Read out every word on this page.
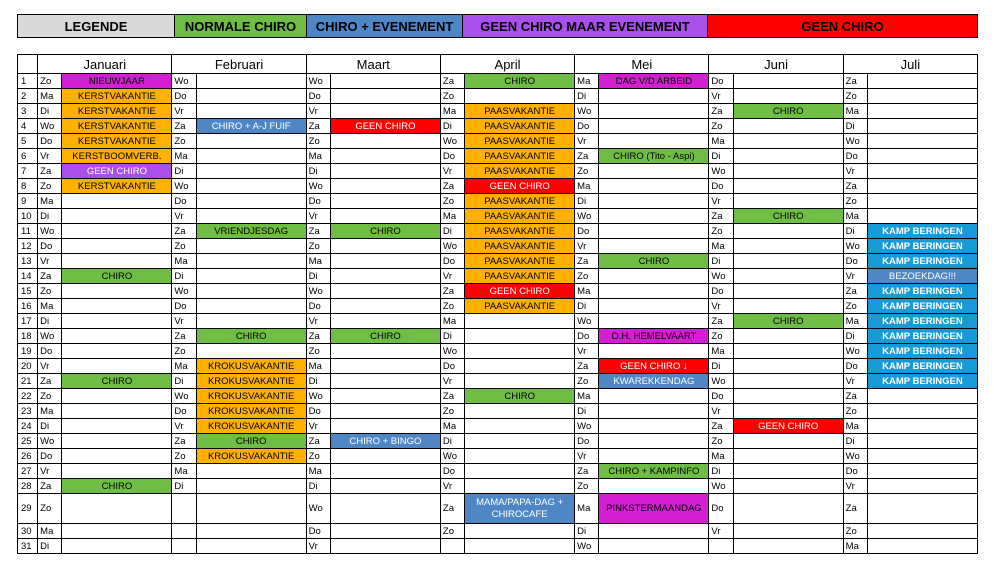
LEGENDE	NORMALE CHIRO	CHIRO + EVENEMENT	GEEN CHIRO MAAR EVENEMENT	GEEN CHIRO
	Januari		Februari		Maart		April		Mei		Juni		Juli	
1	Zo	NIEUWJAAR	Wo		Wo		Za	CHIRO	Ma	DAG V/D ARBEID	Do		Za	
2	Ma	KERSTVAKANTIE	Do		Do		Zo		Di		Vr		Zo	
3	Di	KERSTVAKANTIE	Vr		Vr		Ma	PAASVAKANTIE	Wo		Za	CHIRO	Ma	
4	Wo	KERSTVAKANTIE	Za	CHIRO + A-J FUIF	Za	GEEN CHIRO	Di	PAASVAKANTIE	Do		Zo		Di	
5	Do	KERSTVAKANTIE	Zo		Zo		Wo	PAASVAKANTIE	Vr		Ma		Wo	
6	Vr	KERSTBOOMVERB.	Ma		Ma		Do	PAASVAKANTIE	Za	CHIRO (Tito - Aspi)	Di		Do	
7	Za	GEEN CHIRO	Di		Di		Vr	PAASVAKANTIE	Zo		Wo		Vr	
8	Zo	KERSTVAKANTIE	Wo		Wo		Za	GEEN CHIRO	Ma		Do		Za	
9	Ma		Do		Do		Zo	PAASVAKANTIE	Di		Vr		Zo	
10	Di		Vr		Vr		Ma	PAASVAKANTIE	Wo		Za	CHIRO	Ma	
11	Wo		Za	VRIENDJESDAG	Za	CHIRO	Di	PAASVAKANTIE	Do		Zo		Di	KAMP BERINGEN
12	Do		Zo		Zo		Wo	PAASVAKANTIE	Vr		Ma		Wo	KAMP BERINGEN
13	Vr		Ma		Ma		Do	PAASVAKANTIE	Za	CHIRO	Di		Do	KAMP BERINGEN
14	Za	CHIRO	Di		Di		Vr	PAASVAKANTIE	Zo		Wo		Vr	BEZOEKDAG!!!
15	Zo		Wo		Wo		Za	GEEN CHIRO	Ma		Do		Za	KAMP BERINGEN
16	Ma		Do		Do		Zo	PAASVAKANTIE	Di		Vr		Zo	KAMP BERINGEN
17	Di		Vr		Vr		Ma		Wo		Za	CHIRO	Ma	KAMP BERINGEN
18	Wo		Za	CHIRO	Za	CHIRO	Di		Do	O.H. HEMELVAART	Zo		Di	KAMP BERINGEN
19	Do		Zo		Zo		Wo		Vr		Ma		Wo	KAMP BERINGEN
20	Vr		Ma	KROKUSVAKANTIE	Ma		Do		Za	GEEN CHIRO ↓	Di		Do	KAMP BERINGEN
21	Za	CHIRO	Di	KROKUSVAKANTIE	Di		Vr		Zo	KWAREKKENDAG	Wo		Vr	KAMP BERINGEN
22	Zo		Wo	KROKUSVAKANTIE	Wo		Za	CHIRO	Ma		Do		Za	
23	Ma		Do	KROKUSVAKANTIE	Do		Zo		Di		Vr		Zo	
24	Di		Vr	KROKUSVAKANTIE	Vr		Ma		Wo		Za	GEEN CHIRO	Ma	
25	Wo		Za	CHIRO	Za	CHIRO + BINGO	Di		Do		Zo		Di	
26	Do		Zo	KROKUSVAKANTIE	Zo		Wo		Vr		Ma		Wo	
27	Vr		Ma		Ma		Do		Za	CHIRO + KAMPINFO	Di		Do	
28	Za	CHIRO	Di		Di		Vr		Zo		Wo		Vr	
29	Zo				Wo		Za	MAMA/PAPA-DAG + CHIROCAFE	Ma	PINKSTERMAANDAG	Do		Za	
30	Ma				Do		Zo		Di		Vr		Zo	
31	Di				Vr				Wo				Ma	
